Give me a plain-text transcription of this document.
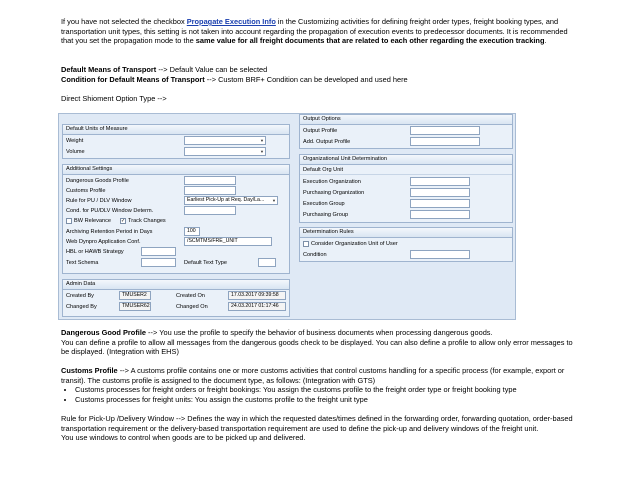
If you have not selected the checkbox Propagate Execution Info in the Customizing activities for defining freight order types, freight booking types, and transportation unit types, this setting is not taken into account regarding the propagation of execution events to predecessor documents. It is recommended that you set the propagation mode to the same value for all freight documents that are related to each other regarding the execution tracking.
Default Means of Transport --> Default Value can be selected
Condition for Default Means of Transport --> Custom BRF+ Condition can be developed and used here
Direct Shioment Option Type -->
Default Units of Measure
Weight
▼
Volume
▼
Additional Settings
Dangerous Goods Profile
Customs Profile
Rule for PU / DLV Window	Earliest Pick-Up at Req. Day/La... ▼
Cond. for PU/DLV Window Determ.
BW Relevance ✓ Track Changes
Archiving Retention Period in Days	100
Web Dynpro Application Conf.	/SCMTMS/FRE_UNIT
HBL or HAWB Strategy
Text Schema	Default Text Type
Admin Data
Created By	TMUSER2	Created On	17.03.2017 09:39:58
Changed By	TMUSER62	Changed On	24.03.2017 01:17:46
Output Options
Output Profile
Add. Output Profile
Organizational Unit Determination
Default Org Unit
Execution Organization
Purchasing Organization
Execution Group
Purchasing Group
Determination Rules
Consider Organization Unit of User
Condition
Dangerous Good Profile --> You use the profile to specify the behavior of business documents when processing dangerous goods.
You can define a profile to allow all messages from the dangerous goods check to be displayed. You can also define a profile to allow only error messages to be displayed. (Integration with EHS)
Customs Profile --> A customs profile contains one or more customs activities that control customs handling for a specific process (for example, export or transit). The customs profile is assigned to the document type, as follows: (Integration with GTS)
• Customs processes for freight orders or freight bookings: You assign the customs profile to the freight order type or freight booking type
• Customs processes for freight units: You assign the customs profile to the freight unit type
Rule for Pick-Up /Delivery Window --> Defines the way in which the requested dates/times defined in the forwarding order, forwarding quotation, order-based transportation requirement or the delivery-based transportation requirement are used to define the pick-up and delivery windows of the freight unit.
You use windows to control when goods are to be picked up and delivered.
